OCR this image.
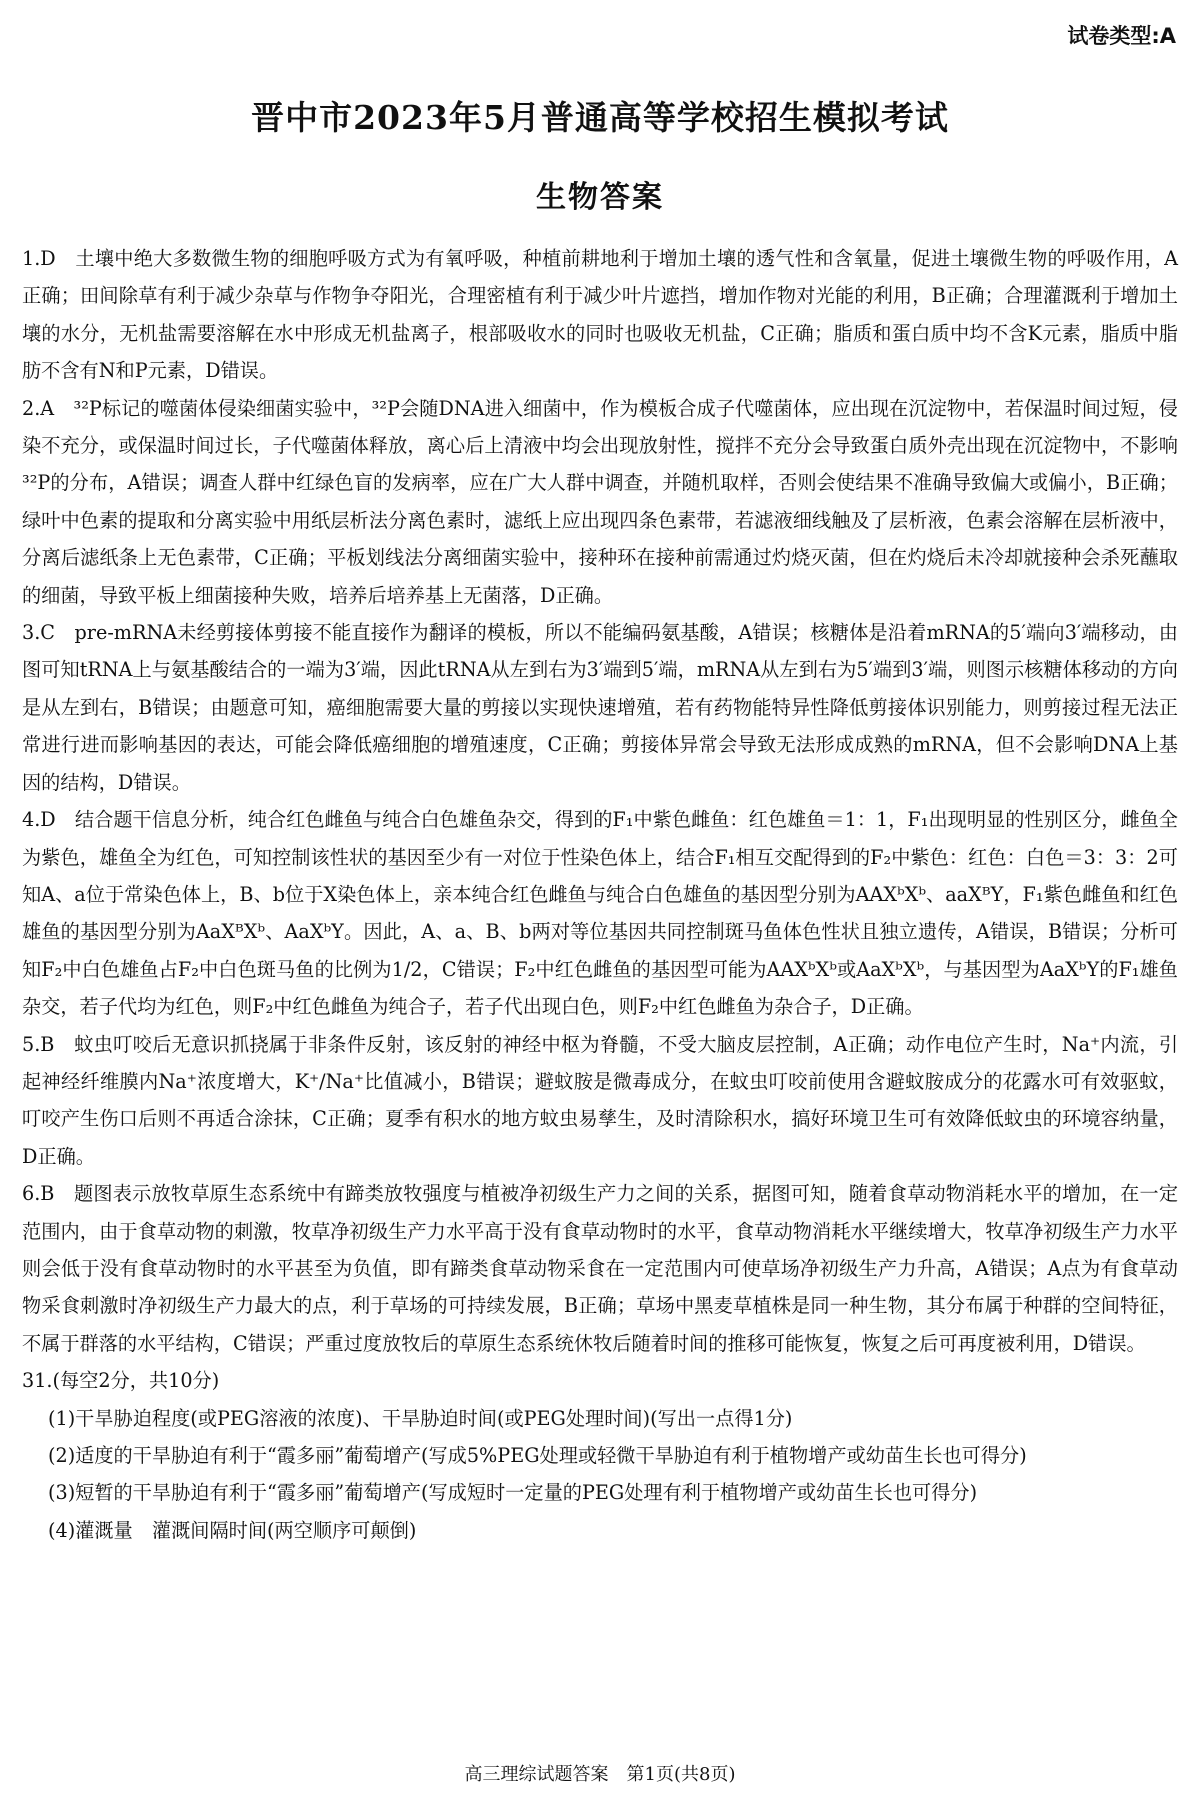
试卷类型:A
晋中市2023年5月普通高等学校招生模拟考试
生物答案

1.D　 土壤中绝大多数微生物的细胞呼吸方式为有氧呼吸，种植前耕地利于增加土壤的透气性和含氧量，促进土壤微生物的呼吸作用，A正确；田间除草有利于减少杂草与作物争夺阳光，合理密植有利于减少叶片遮挡，增加作物对光能的利用，B正确；合理灌溉利于增加土壤的水分，无机盐需要溶解在水中形成无机盐离子，根部吸收水的同时也吸收无机盐，C正确；脂质和蛋白质中均不含K元素，脂质中脂肪不含有N和P元素，D错误。

2.A　 ³²P标记的噬菌体侵染细菌实验中，³²P会随DNA进入细菌中，作为模板合成子代噬菌体，应出现在沉淀物中，若保温时间过短，侵染不充分，或保温时间过长，子代噬菌体释放，离心后上清液中均会出现放射性，搅拌不充分会导致蛋白质外壳出现在沉淀物中，不影响³²P的分布，A错误；调查人群中红绿色盲的发病率，应在广大人群中调查，并随机取样，否则会使结果不准确导致偏大或偏小，B正确；绿叶中色素的提取和分离实验中用纸层析法分离色素时，滤纸上应出现四条色素带，若滤液细线触及了层析液，色素会溶解在层析液中，分离后滤纸条上无色素带，C正确；平板划线法分离细菌实验中，接种环在接种前需通过灼烧灭菌，但在灼烧后未冷却就接种会杀死蘸取的细菌，导致平板上细菌接种失败，培养后培养基上无菌落，D正确。

3.C　 pre-mRNA未经剪接体剪接不能直接作为翻译的模板，所以不能编码氨基酸，A错误；核糖体是沿着mRNA的5′端向3′端移动，由图可知tRNA上与氨基酸结合的一端为3′端，因此tRNA从左到右为3′端到5′端，mRNA从左到右为5′端到3′端，则图示核糖体移动的方向是从左到右，B错误；由题意可知，癌细胞需要大量的剪接以实现快速增殖，若有药物能特异性降低剪接体识别能力，则剪接过程无法正常进行进而影响基因的表达，可能会降低癌细胞的增殖速度，C正确；剪接体异常会导致无法形成成熟的mRNA，但不会影响DNA上基因的结构，D错误。

4.D　 结合题干信息分析，纯合红色雌鱼与纯合白色雄鱼杂交，得到的F₁中紫色雌鱼：红色雄鱼＝1：1，F₁出现明显的性别区分，雌鱼全为紫色，雄鱼全为红色，可知控制该性状的基因至少有一对位于性染色体上，结合F₁相互交配得到的F₂中紫色：红色：白色＝3：3：2可知A、a位于常染色体上，B、b位于X染色体上，亲本纯合红色雌鱼与纯合白色雄鱼的基因型分别为AAXᵇXᵇ、aaXᴮY，F₁紫色雌鱼和红色雄鱼的基因型分别为AaXᴮXᵇ、AaXᵇY。因此，A、a、B、b两对等位基因共同控制斑马鱼体色性状且独立遗传，A错误，B错误；分析可知F₂中白色雄鱼占F₂中白色斑马鱼的比例为1/2，C错误；F₂中红色雌鱼的基因型可能为AAXᵇXᵇ或AaXᵇXᵇ，与基因型为AaXᵇY的F₁雄鱼杂交，若子代均为红色，则F₂中红色雌鱼为纯合子，若子代出现白色，则F₂中红色雌鱼为杂合子，D正确。

5.B　 蚊虫叮咬后无意识抓挠属于非条件反射，该反射的神经中枢为脊髓，不受大脑皮层控制，A正确；动作电位产生时，Na⁺内流，引起神经纤维膜内Na⁺浓度增大，K⁺/Na⁺比值减小，B错误；避蚊胺是微毒成分，在蚊虫叮咬前使用含避蚊胺成分的花露水可有效驱蚊，叮咬产生伤口后则不再适合涂抹，C正确；夏季有积水的地方蚊虫易孳生，及时清除积水，搞好环境卫生可有效降低蚊虫的环境容纳量，D正确。

6.B　 题图表示放牧草原生态系统中有蹄类放牧强度与植被净初级生产力之间的关系，据图可知，随着食草动物消耗水平的增加，在一定范围内，由于食草动物的刺激，牧草净初级生产力水平高于没有食草动物时的水平，食草动物消耗水平继续增大，牧草净初级生产力水平则会低于没有食草动物时的水平甚至为负值，即有蹄类食草动物采食在一定范围内可使草场净初级生产力升高，A错误；A点为有食草动物采食刺激时净初级生产力最大的点，利于草场的可持续发展，B正确；草场中黑麦草植株是同一种生物，其分布属于种群的空间特征，不属于群落的水平结构，C错误；严重过度放牧后的草原生态系统休牧后随着时间的推移可能恢复，恢复之后可再度被利用，D错误。

31.(每空2分，共10分)

(1)干旱胁迫程度(或PEG溶液的浓度)、干旱胁迫时间(或PEG处理时间)(写出一点得1分)

(2)适度的干旱胁迫有利于“霞多丽”葡萄增产(写成5%PEG处理或轻微干旱胁迫有利于植物增产或幼苗生长也可得分)

(3)短暂的干旱胁迫有利于“霞多丽”葡萄增产(写成短时一定量的PEG处理有利于植物增产或幼苗生长也可得分)

(4)灌溉量　灌溉间隔时间(两空顺序可颠倒)

高三理综试题答案　第1页(共8页)
